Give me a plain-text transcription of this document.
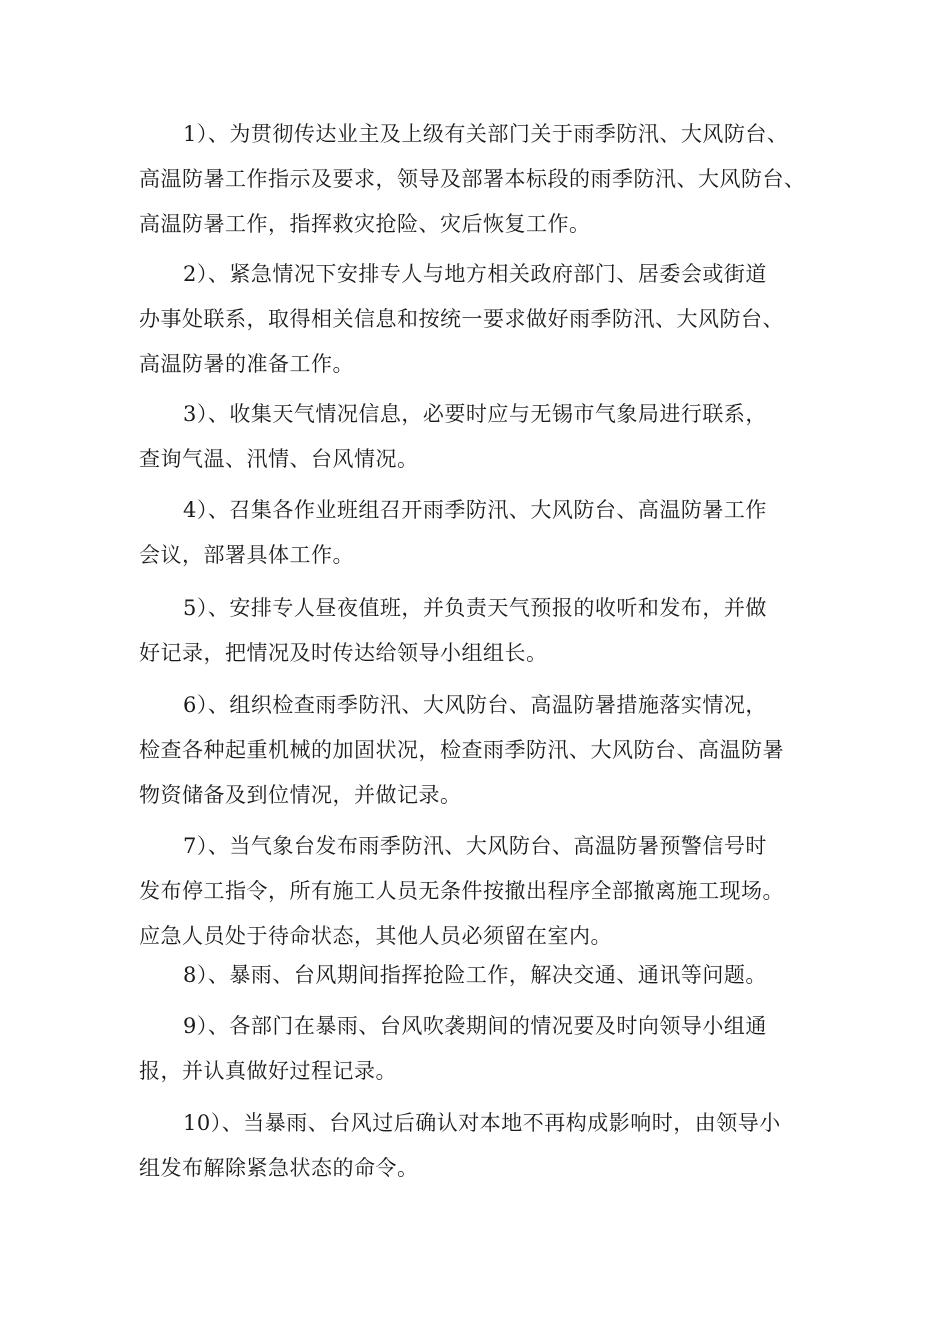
1）、为贯彻传达业主及上级有关部门关于雨季防汛、大风防台、
高温防暑工作指示及要求，领导及部署本标段的雨季防汛、大风防台、
高温防暑工作，指挥救灾抢险、灾后恢复工作。

2）、紧急情况下安排专人与地方相关政府部门、居委会或街道
办事处联系，取得相关信息和按统一要求做好雨季防汛、大风防台、
高温防暑的准备工作。

3）、收集天气情况信息，必要时应与无锡市气象局进行联系，
查询气温、汛情、台风情况。

4）、召集各作业班组召开雨季防汛、大风防台、高温防暑工作
会议，部署具体工作。

5）、安排专人昼夜值班，并负责天气预报的收听和发布，并做
好记录，把情况及时传达给领导小组组长。

6）、组织检查雨季防汛、大风防台、高温防暑措施落实情况，
检查各种起重机械的加固状况，检查雨季防汛、大风防台、高温防暑
物资储备及到位情况，并做记录。

7）、当气象台发布雨季防汛、大风防台、高温防暑预警信号时
发布停工指令，所有施工人员无条件按撤出程序全部撤离施工现场。
应急人员处于待命状态，其他人员必须留在室内。

8）、暴雨、台风期间指挥抢险工作，解决交通、通讯等问题。

9）、各部门在暴雨、台风吹袭期间的情况要及时向领导小组通
报，并认真做好过程记录。

10）、当暴雨、台风过后确认对本地不再构成影响时，由领导小
组发布解除紧急状态的命令。
